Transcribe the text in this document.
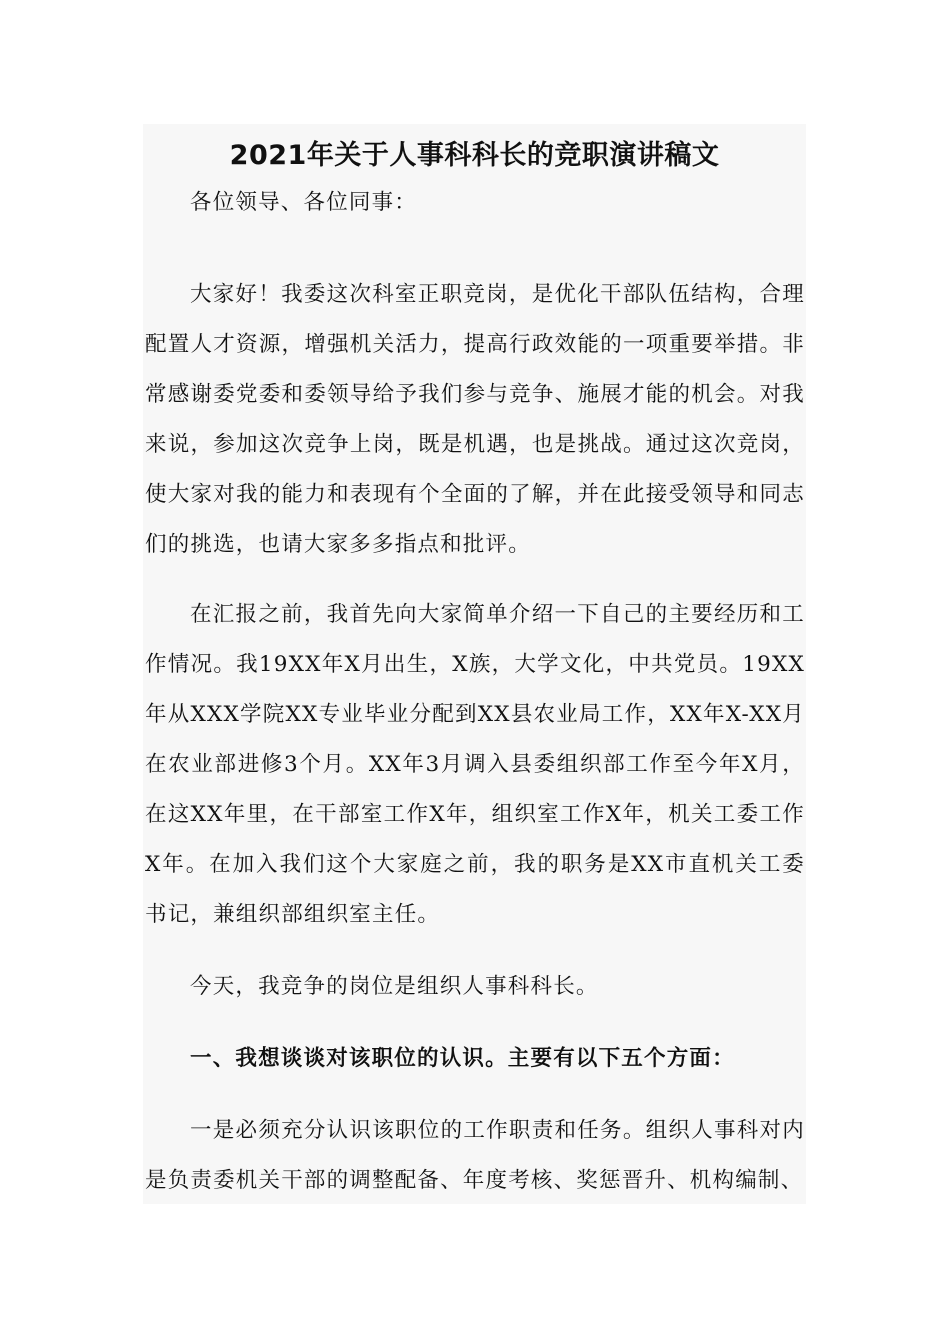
2021年关于人事科科长的竞职演讲稿文

各位领导、各位同事：

大家好！我委这次科室正职竞岗，是优化干部队伍结构，合理配置人才资源，增强机关活力，提高行政效能的一项重要举措。非常感谢委党委和委领导给予我们参与竞争、施展才能的机会。对我来说，参加这次竞争上岗，既是机遇，也是挑战。通过这次竞岗，使大家对我的能力和表现有个全面的了解，并在此接受领导和同志们的挑选，也请大家多多指点和批评。

在汇报之前，我首先向大家简单介绍一下自己的主要经历和工作情况。我19XX年X月出生，X族，大学文化，中共党员。19XX年从XXX学院XX专业毕业分配到XX县农业局工作，XX年X-XX月在农业部进修3个月。XX年3月调入县委组织部工作至今年X月，在这XX年里，在干部室工作X年，组织室工作X年，机关工委工作X年。在加入我们这个大家庭之前，我的职务是XX市直机关工委书记，兼组织部组织室主任。

今天，我竞争的岗位是组织人事科科长。

一、我想谈谈对该职位的认识。主要有以下五个方面：

一是必须充分认识该职位的工作职责和任务。组织人事科对内是负责委机关干部的调整配备、年度考核、奖惩晋升、机构编制、
